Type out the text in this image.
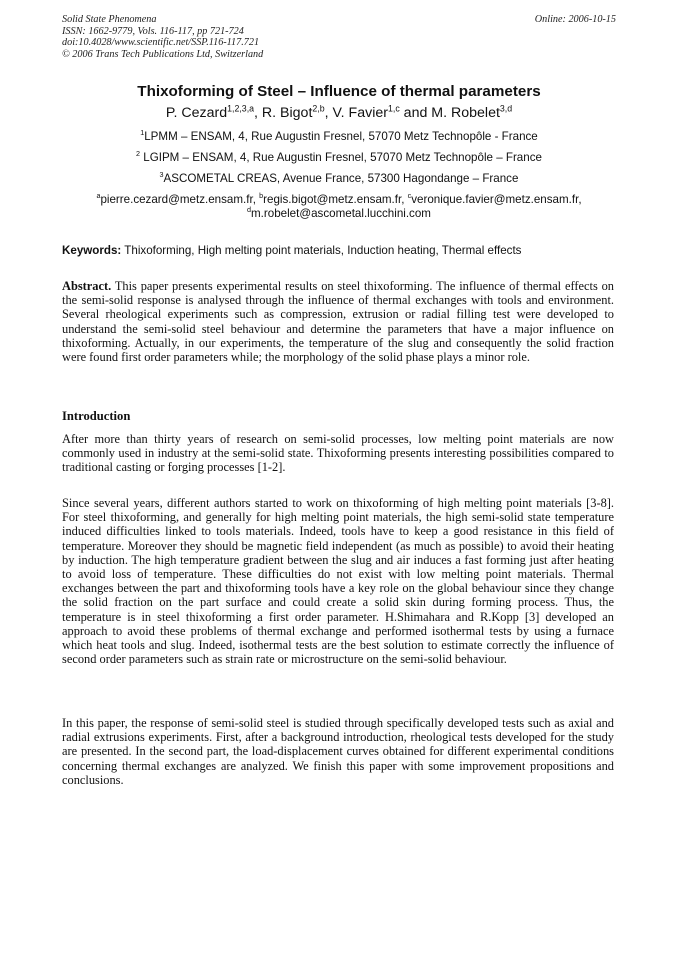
Solid State Phenomena
ISSN: 1662-9779, Vols. 116-117, pp 721-724
doi:10.4028/www.scientific.net/SSP.116-117.721
© 2006 Trans Tech Publications Ltd, Switzerland
Online: 2006-10-15
Thixoforming of Steel – Influence of thermal parameters
P. Cezard$^{1,2,3,a}$, R. Bigot$^{2,b}$, V. Favier$^{1,c}$ and M. Robelet$^{3,d}$
$^1$LPMM – ENSAM, 4, Rue Augustin Fresnel, 57070 Metz Technopôle - France
$^2$ LGIPM – ENSAM, 4, Rue Augustin Fresnel, 57070 Metz Technopôle – France
$^3$ASCOMETAL CREAS, Avenue France, 57300 Hagondange – France
$^a$pierre.cezard@metz.ensam.fr, $^b$regis.bigot@metz.ensam.fr, $^c$veronique.favier@metz.ensam.fr,
$^d$m.robelet@ascometal.lucchini.com
Keywords: Thixoforming, High melting point materials, Induction heating, Thermal effects
Abstract. This paper presents experimental results on steel thixoforming. The influence of thermal effects on the semi-solid response is analysed through the influence of thermal exchanges with tools and environment. Several rheological experiments such as compression, extrusion or radial filling test were developed to understand the semi-solid steel behaviour and determine the parameters that have a major influence on thixoforming. Actually, in our experiments, the temperature of the slug and consequently the solid fraction were found first order parameters while; the morphology of the solid phase plays a minor role.
Introduction
After more than thirty years of research on semi-solid processes, low melting point materials are now commonly used in industry at the semi-solid state. Thixoforming presents interesting possibilities compared to traditional casting or forging processes [1-2].
Since several years, different authors started to work on thixoforming of high melting point materials [3-8]. For steel thixoforming, and generally for high melting point materials, the high semi-solid state temperature induced difficulties linked to tools materials. Indeed, tools have to keep a good resistance in this field of temperature. Moreover they should be magnetic field independent (as much as possible) to avoid their heating by induction. The high temperature gradient between the slug and air induces a fast forming just after heating to avoid loss of temperature. These difficulties do not exist with low melting point materials. Thermal exchanges between the part and thixoforming tools have a key role on the global behaviour since they change the solid fraction on the part surface and could create a solid skin during forming process. Thus, the temperature is in steel thixoforming a first order parameter. H.Shimahara and R.Kopp [3] developed an approach to avoid these problems of thermal exchange and performed isothermal tests by using a furnace which heat tools and slug. Indeed, isothermal tests are the best solution to estimate correctly the influence of second order parameters such as strain rate or microstructure on the semi-solid behaviour.
In this paper, the response of semi-solid steel is studied through specifically developed tests such as axial and radial extrusions experiments. First, after a background introduction, rheological tests developed for the study are presented. In the second part, the load-displacement curves obtained for different experimental conditions concerning thermal exchanges are analyzed. We finish this paper with some improvement propositions and conclusions.
